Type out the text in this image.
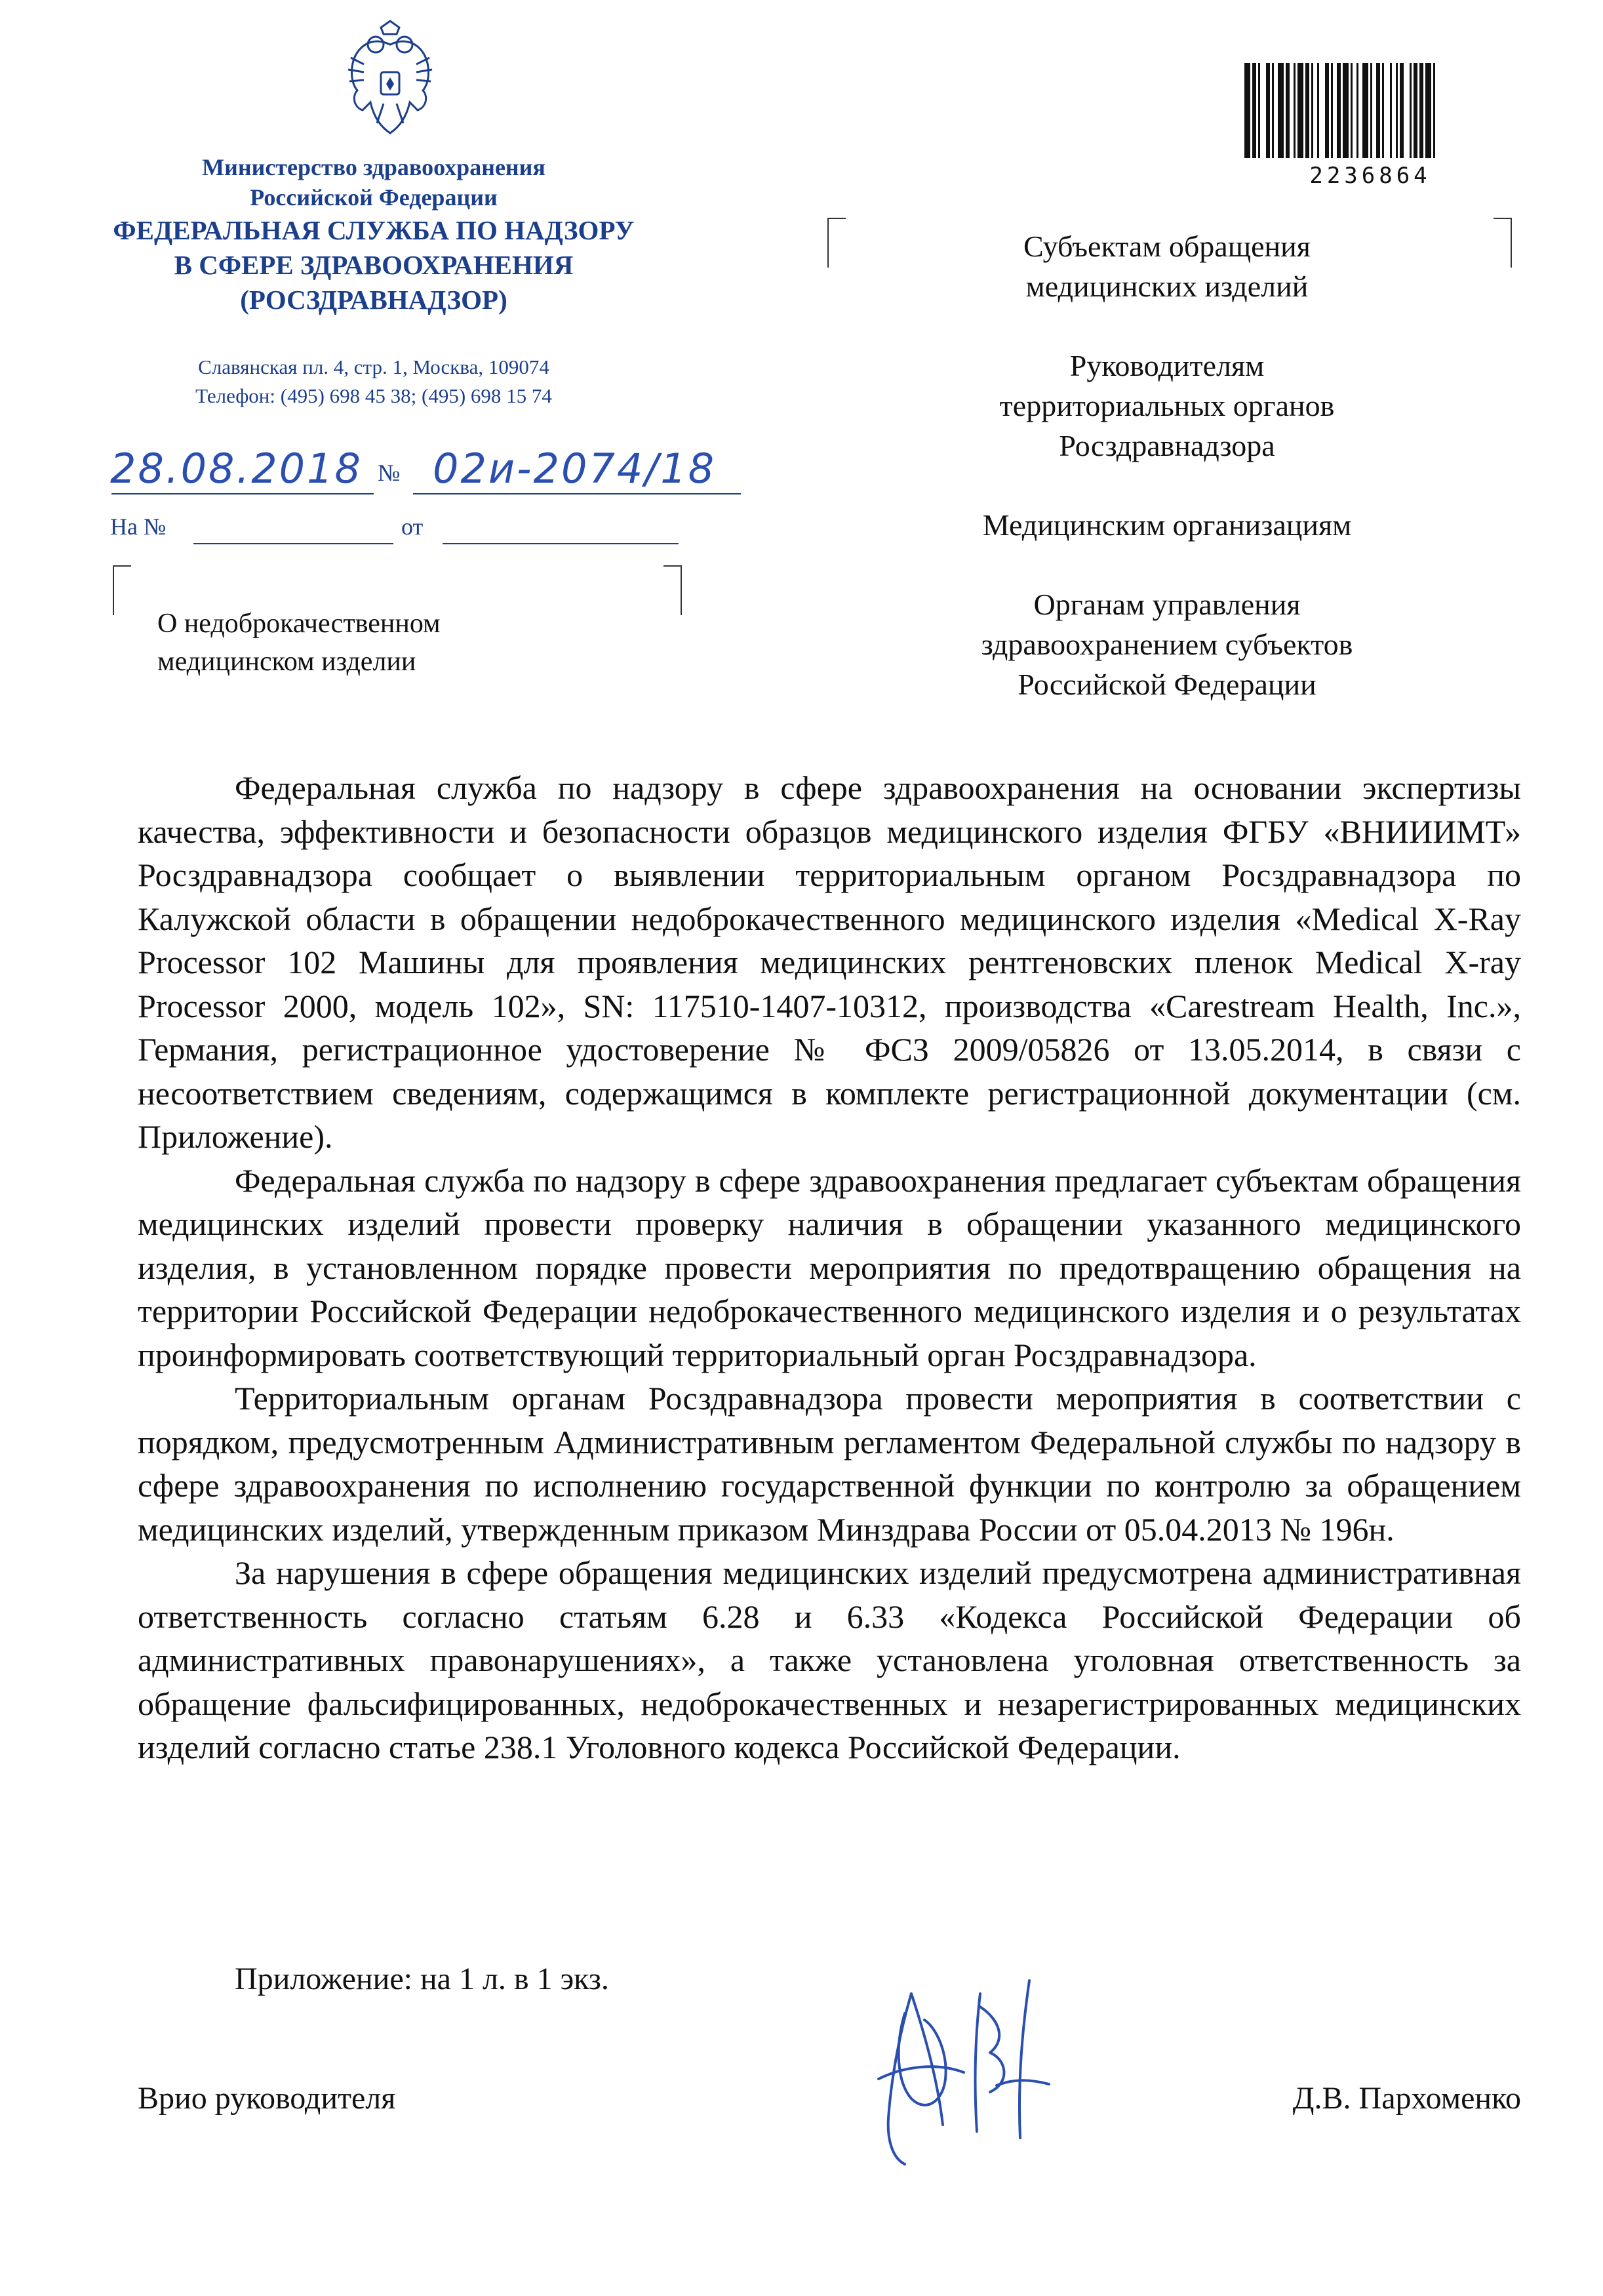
Министерство здравоохранения
Российской Федерации
ФЕДЕРАЛЬНАЯ СЛУЖБА ПО НАДЗОРУ
В СФЕРЕ ЗДРАВООХРАНЕНИЯ
(РОСЗДРАВНАДЗОР)
Славянская пл. 4, стр. 1, Москва, 109074
Телефон: (495) 698 45 38; (495) 698 15 74
28.08.2018 № 02и-2074/18
На №	от
О недоброкачественном
медицинском изделии
2236864

Субъектам обращения
медицинских изделий

Руководителям
территориальных органов
Росздравнадзора

Медицинским организациям

Органам управления
здравоохранением субъектов
Российской Федерации

Федеральная служба по надзору в сфере здравоохранения на основании экспертизы качества, эффективности и безопасности образцов медицинского изделия ФГБУ «ВНИИИМТ» Росздравнадзора сообщает о выявлении территориальным органом Росздравнадзора по Калужской области в обращении недоброкачественного медицинского изделия «Medical X-Ray Processor 102 Машины для проявления медицинских рентгеновских пленок Medical X-ray Processor 2000, модель 102», SN: 117510-1407-10312, производства «Carestream Health, Inc.», Германия, регистрационное удостоверение № ФСЗ 2009/05826 от 13.05.2014, в связи с несоответствием сведениям, содержащимся в комплекте регистрационной документации (см. Приложение).

Федеральная служба по надзору в сфере здравоохранения предлагает субъектам обращения медицинских изделий провести проверку наличия в обращении указанного медицинского изделия, в установленном порядке провести мероприятия по предотвращению обращения на территории Российской Федерации недоброкачественного медицинского изделия и о результатах проинформировать соответствующий территориальный орган Росздравнадзора.

Территориальным органам Росздравнадзора провести мероприятия в соответствии с порядком, предусмотренным Административным регламентом Федеральной службы по надзору в сфере здравоохранения по исполнению государственной функции по контролю за обращением медицинских изделий, утвержденным приказом Минздрава России от 05.04.2013 № 196н.

За нарушения в сфере обращения медицинских изделий предусмотрена административная ответственность согласно статьям 6.28 и 6.33 «Кодекса Российской Федерации об административных правонарушениях», а также установлена уголовная ответственность за обращение фальсифицированных, недоброкачественных и незарегистрированных медицинских изделий согласно статье 238.1 Уголовного кодекса Российской Федерации.

Приложение: на 1 л. в 1 экз.
Врио руководителя	Д.В. Пархоменко
